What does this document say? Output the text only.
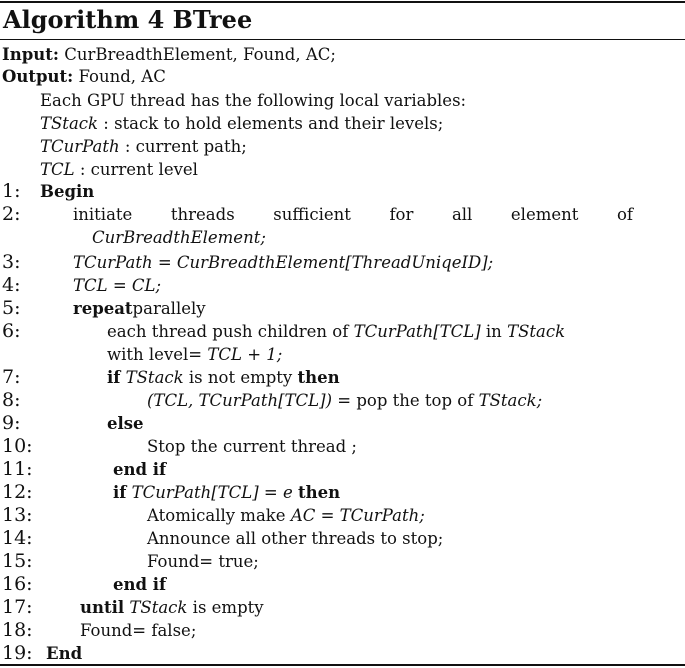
Algorithm 4 BTree
Input: CurBreadthElement, Found, AC;
Output: Found, AC
Each GPU thread has the following local variables:
TStack : stack to hold elements and their levels;
TCurPath : current path;
TCL : current level
1:
2:
3:
4:
5:
6:
7:
8:
9:
10:
11:
12:
13:
14:
15:
16:
17:
18:
19:
Begin
initiate threads sufficient for all element of
CurBreadthElement;
TCurPath = CurBreadthElement[ThreadUniqeID];
TCL = CL;
repeatparallely
each thread push children of TCurPath[TCL] in TStack
with level= TCL + 1;
if TStack is not empty then
(TCL, TCurPath[TCL]) = pop the top of TStack;
else
Stop the current thread ;
end if
if TCurPath[TCL] = e then
Atomically make AC = TCurPath;
Announce all other threads to stop;
Found= true;
end if
until TStack is empty
Found= false;
End
